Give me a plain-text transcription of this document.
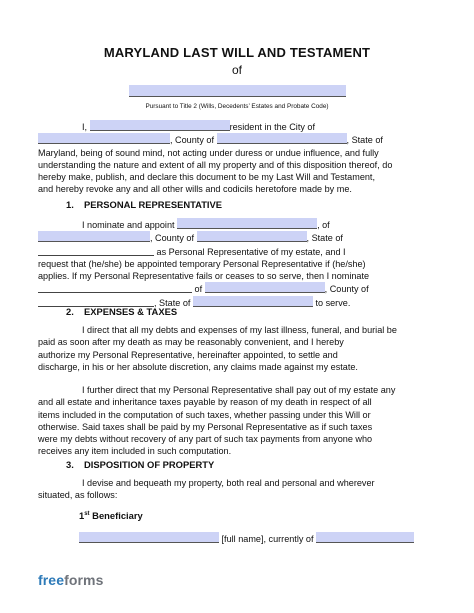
MARYLAND LAST WILL AND TESTAMENT
of
Pursuant to Title 2 (Wills, Decedents’ Estates and Probate Code)
I,	resident in the City of
, County of	, State of
Maryland, being of sound mind, not acting under duress or undue influence, and fully
understanding the nature and extent of all my property and of this disposition thereof, do
hereby make, publish, and declare this document to be my Last Will and Testament,
and hereby revoke any and all other wills and codicils heretofore made by me.
1. PERSONAL REPRESENTATIVE
I nominate and appoint	, of
, County of	, State of
as Personal Representative of my estate, and I
request that (he/she) be appointed temporary Personal Representative if (he/she)
applies. If my Personal Representative fails or ceases to so serve, then I nominate
of	, County of
, State of	to serve.
2. EXPENSES & TAXES
I direct that all my debts and expenses of my last illness, funeral, and burial be
paid as soon after my death as may be reasonably convenient, and I hereby
authorize my Personal Representative, hereinafter appointed, to settle and
discharge, in his or her absolute discretion, any claims made against my estate.
I further direct that my Personal Representative shall pay out of my estate any
and all estate and inheritance taxes payable by reason of my death in respect of all
items included in the computation of such taxes, whether passing under this Will or
otherwise. Said taxes shall be paid by my Personal Representative as if such taxes
were my debts without recovery of any part of such tax payments from anyone who
receives any item included in such computation.
3. DISPOSITION OF PROPERTY
I devise and bequeath my property, both real and personal and wherever
situated, as follows:
1st Beneficiary
[full name], currently of
freeforms
